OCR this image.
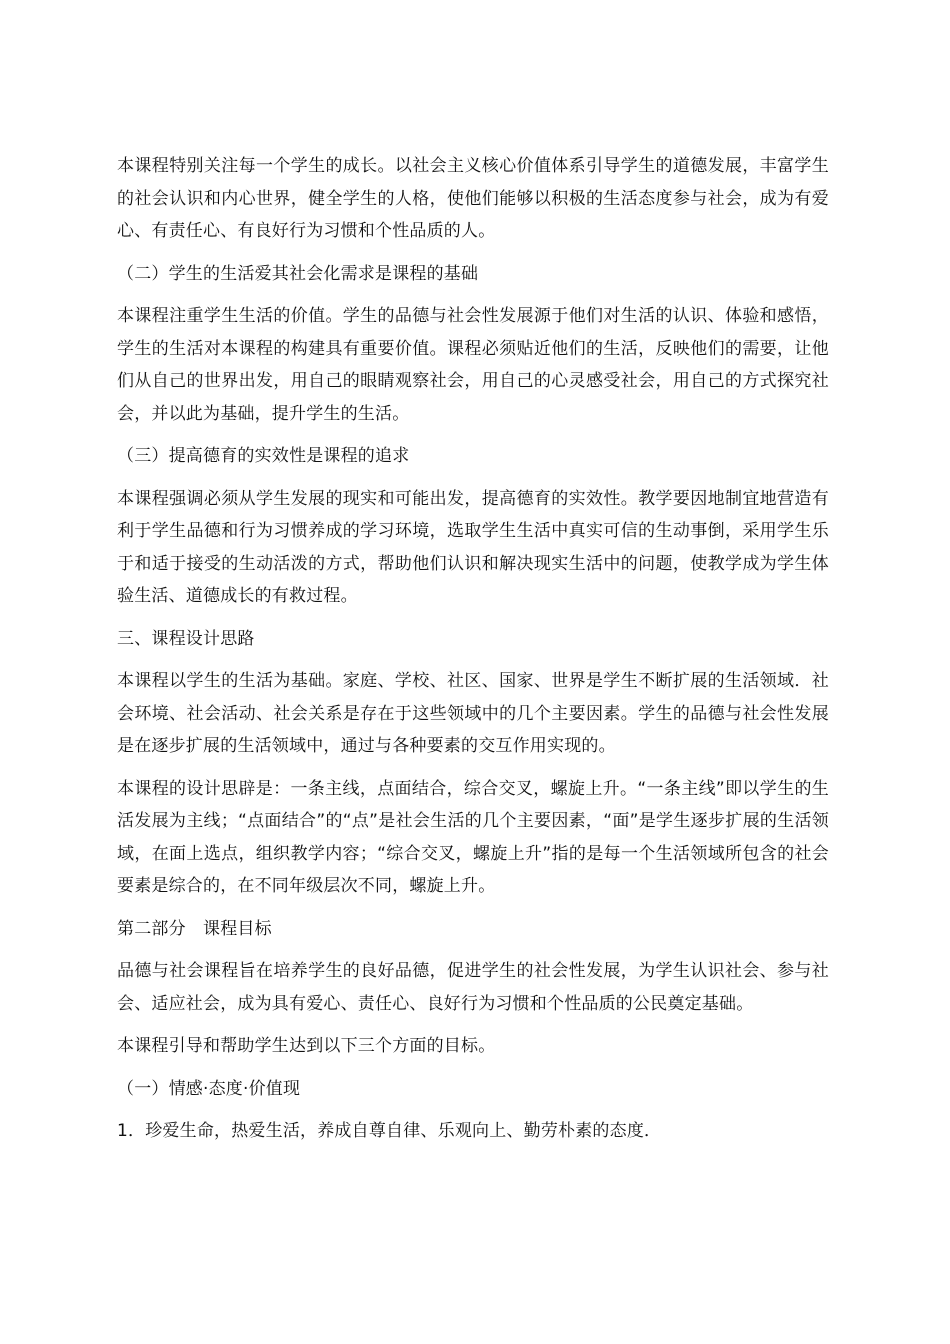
本课程特别关注每一个学生的成长。以社会主义核心价值体系引导学生的道德发展，丰富学生的社会认识和内心世界，健全学生的人格，使他们能够以积极的生活态度参与社会，成为有爱心、有责任心、有良好行为习惯和个性品质的人。

（二）学生的生活爱其社会化需求是课程的基础

本课程注重学生生活的价值。学生的品德与社会性发展源于他们对生活的认识、体验和感悟，学生的生活对本课程的构建具有重要价值。课程必须贴近他们的生活，反映他们的需要，让他们从自己的世界出发，用自己的眼睛观察社会，用自己的心灵感受社会，用自己的方式探究社会，并以此为基础，提升学生的生活。

（三）提高德育的实效性是课程的追求

本课程强调必须从学生发展的现实和可能出发，提高德育的实效性。教学要因地制宜地营造有利于学生品德和行为习惯养成的学习环境，选取学生生活中真实可信的生动事倒，采用学生乐于和适于接受的生动活泼的方式，帮助他们认识和解决现实生活中的问题，使教学成为学生体验生活、道德成长的有救过程。

三、课程设计思路

本课程以学生的生活为基础。家庭、学校、社区、国家、世界是学生不断扩展的生活领域．社会环境、社会活动、社会关系是存在于这些领域中的几个主要因素。学生的品德与社会性发展是在逐步扩展的生活领域中，通过与各种要素的交互作用实现的。

本课程的设计思辟是：一条主线，点面结合，综合交叉，螺旋上升。“一条主线”即以学生的生活发展为主线；“点面结合”的“点”是社会生活的几个主要因素，“面”是学生逐步扩展的生活领域，在面上选点，组织教学内容；“综合交叉，螺旋上升”指的是每一个生活领域所包含的社会要素是综合的，在不同年级层次不同，螺旋上升。

第二部分　课程目标

品德与社会课程旨在培养学生的良好品德，促进学生的社会性发展，为学生认识社会、参与社会、适应社会，成为具有爱心、责任心、良好行为习惯和个性品质的公民奠定基础。

本课程引导和帮助学生达到以下三个方面的目标。

（一）情感·态度·价值现

1．珍爱生命，热爱生活，养成自尊自律、乐观向上、勤劳朴素的态度．
